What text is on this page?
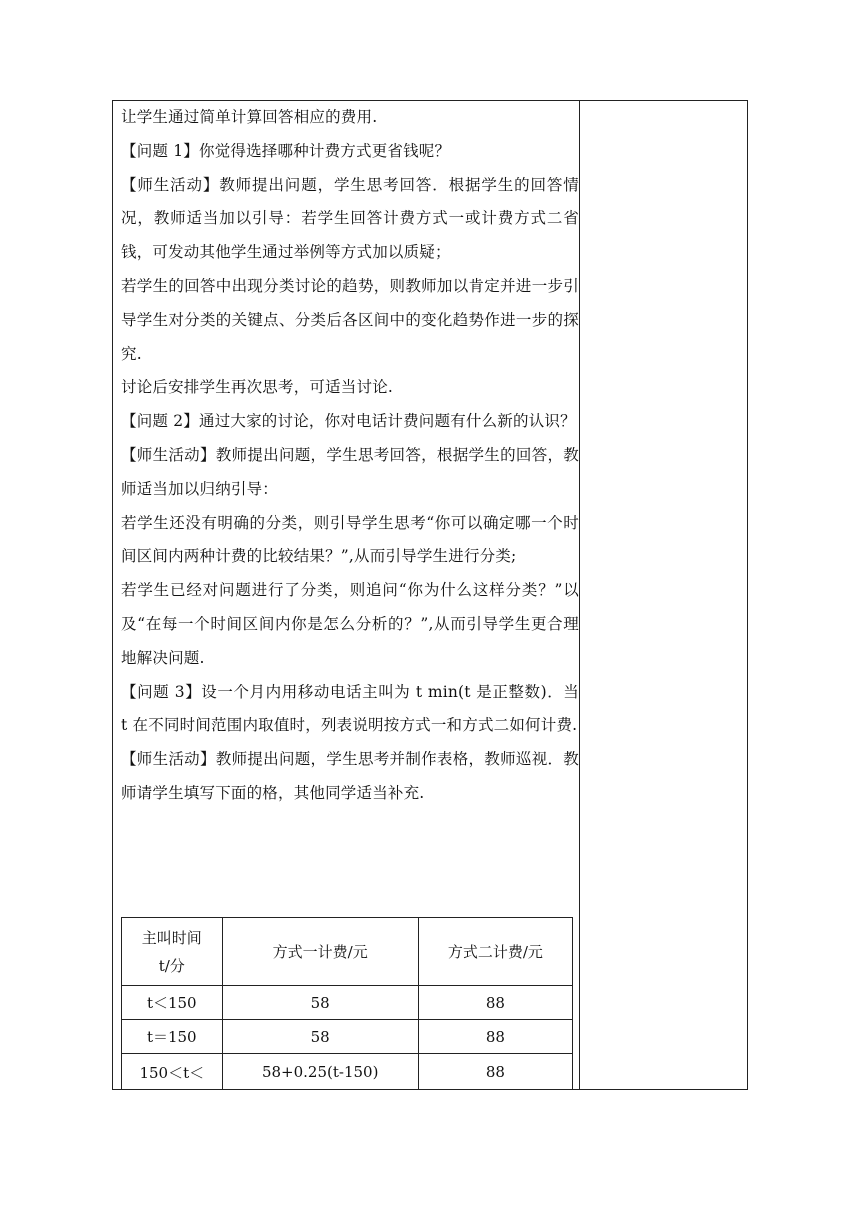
让学生通过简单计算回答相应的费用.

【问题 1】你觉得选择哪种计费方式更省钱呢？

【师生活动】教师提出问题，学生思考回答．根据学生的回答情况，教师适当加以引导：若学生回答计费方式一或计费方式二省钱，可发动其他学生通过举例等方式加以质疑；

若学生的回答中出现分类讨论的趋势，则教师加以肯定并进一步引导学生对分类的关键点、分类后各区间中的变化趋势作进一步的探究.

讨论后安排学生再次思考，可适当讨论.

【问题 2】通过大家的讨论，你对电话计费问题有什么新的认识？

【师生活动】教师提出问题，学生思考回答，根据学生的回答，教师适当加以归纳引导：

若学生还没有明确的分类，则引导学生思考“你可以确定哪一个时间区间内两种计费的比较结果？”,从而引导学生进行分类;

若学生已经对问题进行了分类，则追问“你为什么这样分类？”以及“在每一个时间区间内你是怎么分析的？”,从而引导学生更合理地解决问题.

【问题 3】设一个月内用移动电话主叫为 t min(t 是正整数)．当 t 在不同时间范围内取值时，列表说明按方式一和方式二如何计费.

【师生活动】教师提出问题，学生思考并制作表格，教师巡视．教师请学生填写下面的格，其他同学适当补充.

主叫时间
t/分	方式一计费/元	方式二计费/元
t＜150	58	88
t＝150	58	88
150＜t＜	58+0.25(t-150)	88
